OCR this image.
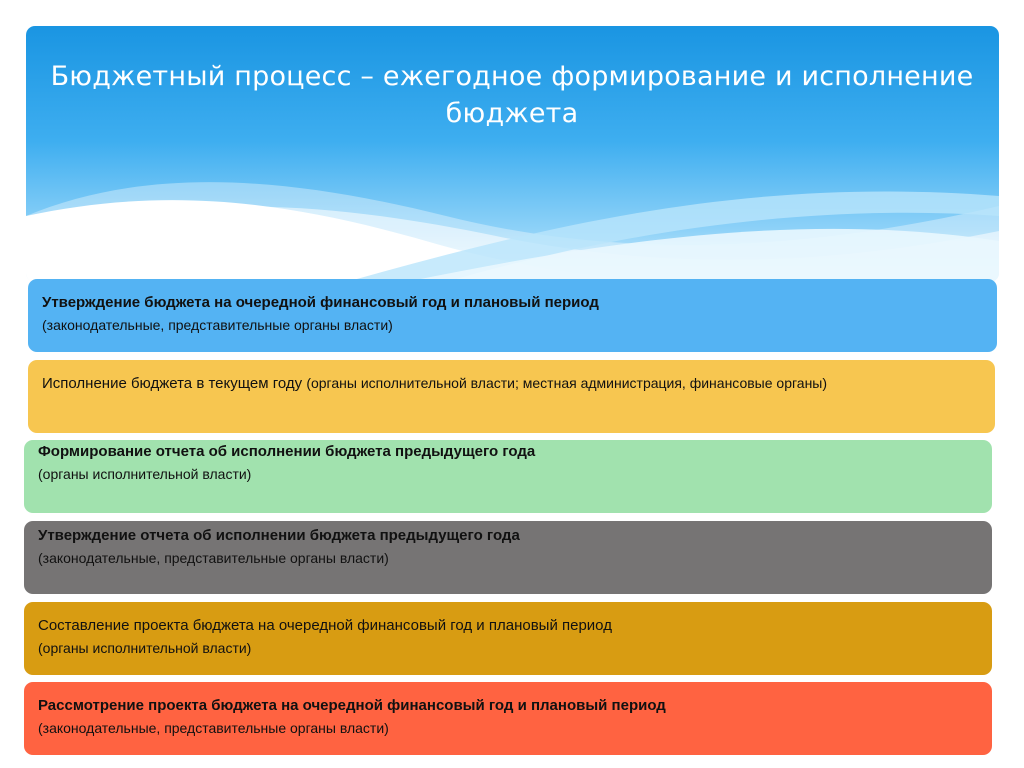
Бюджетный процесс – ежегодное формирование и исполнение бюджета
Утверждение бюджета на очередной финансовый год и плановый период
(законодательные, представительные органы власти)
Исполнение бюджета в текущем году (органы исполнительной власти; местная администрация, финансовые органы)
Формирование отчета об исполнении бюджета предыдущего года
(органы исполнительной власти)
Утверждение отчета об исполнении бюджета предыдущего года
(законодательные, представительные органы власти)
Составление проекта бюджета на очередной финансовый год и плановый период
(органы исполнительной власти)
Рассмотрение проекта бюджета на очередной финансовый год и плановый период
(законодательные, представительные органы власти)
